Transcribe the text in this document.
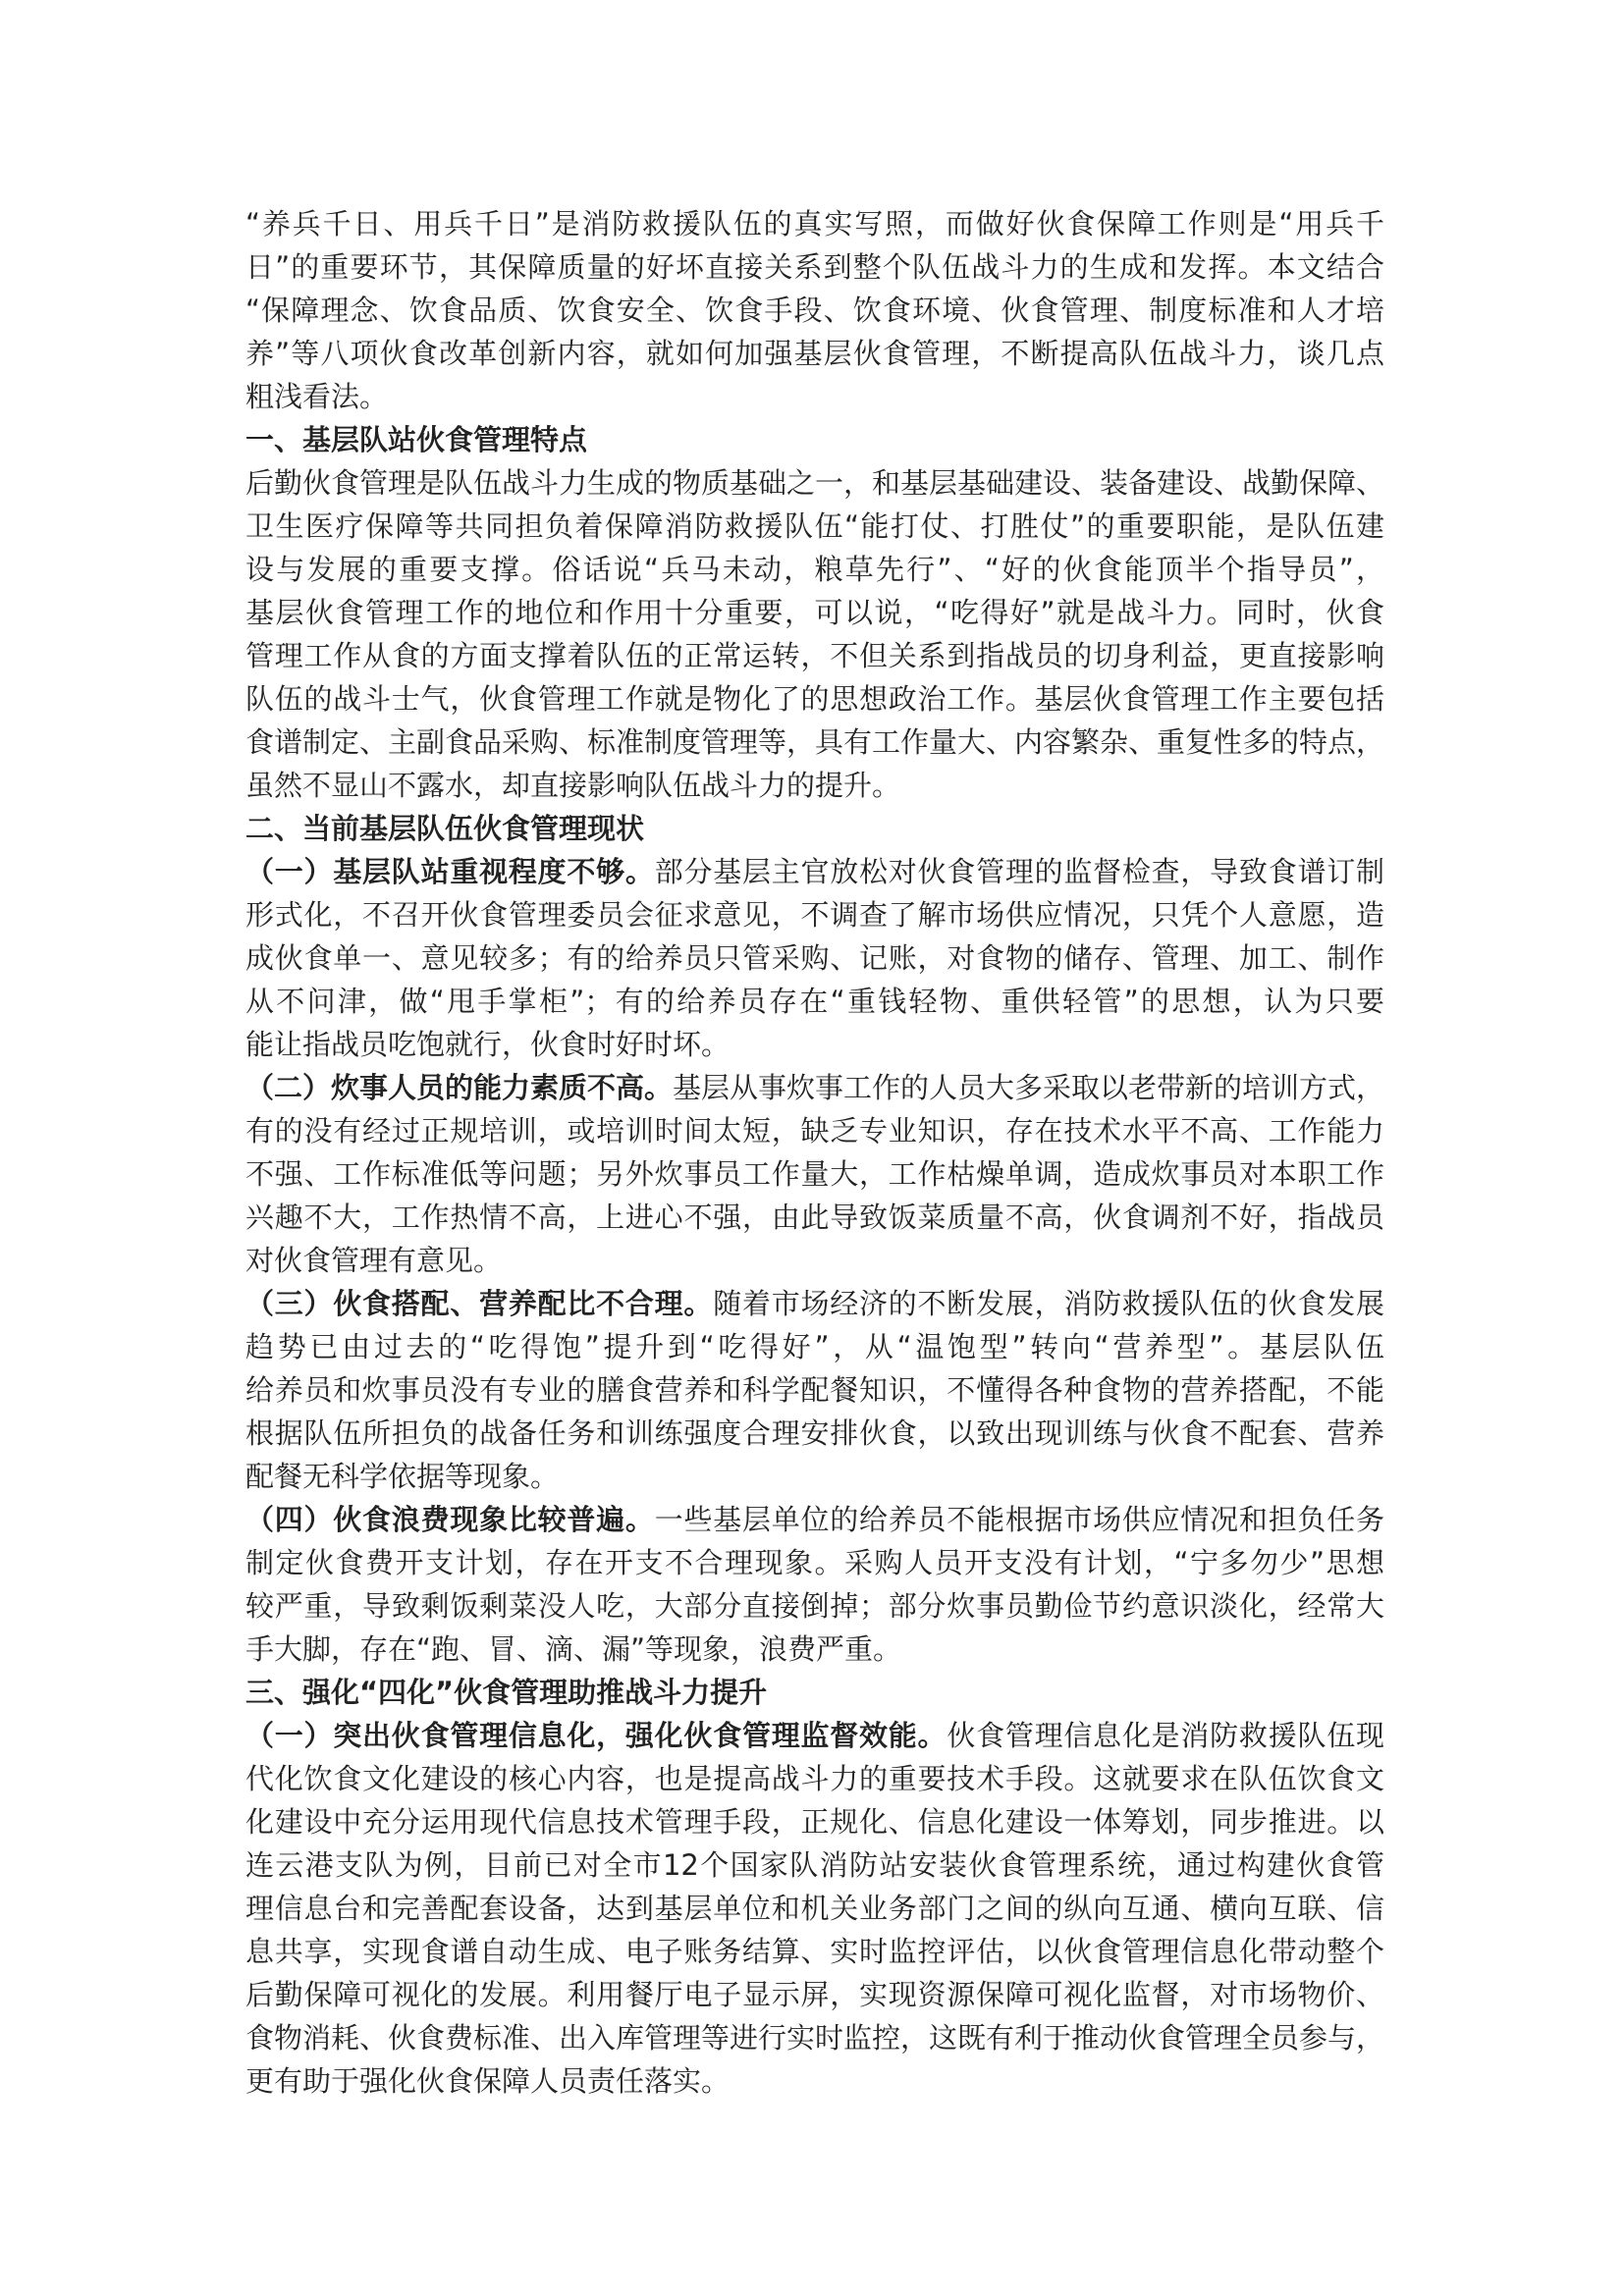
“养兵千日、用兵千日”是消防救援队伍的真实写照，而做好伙食保障工作则是“用兵千
日”的重要环节，其保障质量的好坏直接关系到整个队伍战斗力的生成和发挥。本文结合
“保障理念、饮食品质、饮食安全、饮食手段、饮食环境、伙食管理、制度标准和人才培
养”等八项伙食改革创新内容，就如何加强基层伙食管理，不断提高队伍战斗力，谈几点
粗浅看法。
一、基层队站伙食管理特点
后勤伙食管理是队伍战斗力生成的物质基础之一，和基层基础建设、装备建设、战勤保障、
卫生医疗保障等共同担负着保障消防救援队伍“能打仗、打胜仗”的重要职能，是队伍建
设与发展的重要支撑。俗话说“兵马未动，粮草先行”、“好的伙食能顶半个指导员”，
基层伙食管理工作的地位和作用十分重要，可以说，“吃得好”就是战斗力。同时，伙食
管理工作从食的方面支撑着队伍的正常运转，不但关系到指战员的切身利益，更直接影响
队伍的战斗士气，伙食管理工作就是物化了的思想政治工作。基层伙食管理工作主要包括
食谱制定、主副食品采购、标准制度管理等，具有工作量大、内容繁杂、重复性多的特点，
虽然不显山不露水，却直接影响队伍战斗力的提升。
二、当前基层队伍伙食管理现状
（一）基层队站重视程度不够。部分基层主官放松对伙食管理的监督检查，导致食谱订制
形式化，不召开伙食管理委员会征求意见，不调查了解市场供应情况，只凭个人意愿，造
成伙食单一、意见较多；有的给养员只管采购、记账，对食物的储存、管理、加工、制作
从不问津，做“甩手掌柜”；有的给养员存在“重钱轻物、重供轻管”的思想，认为只要
能让指战员吃饱就行，伙食时好时坏。
（二）炊事人员的能力素质不高。基层从事炊事工作的人员大多采取以老带新的培训方式，
有的没有经过正规培训，或培训时间太短，缺乏专业知识，存在技术水平不高、工作能力
不强、工作标准低等问题；另外炊事员工作量大，工作枯燥单调，造成炊事员对本职工作
兴趣不大，工作热情不高，上进心不强，由此导致饭菜质量不高，伙食调剂不好，指战员
对伙食管理有意见。
（三）伙食搭配、营养配比不合理。随着市场经济的不断发展，消防救援队伍的伙食发展
趋势已由过去的“吃得饱”提升到“吃得好”，从“温饱型”转向“营养型”。基层队伍
给养员和炊事员没有专业的膳食营养和科学配餐知识，不懂得各种食物的营养搭配，不能
根据队伍所担负的战备任务和训练强度合理安排伙食，以致出现训练与伙食不配套、营养
配餐无科学依据等现象。
（四）伙食浪费现象比较普遍。一些基层单位的给养员不能根据市场供应情况和担负任务
制定伙食费开支计划，存在开支不合理现象。采购人员开支没有计划，“宁多勿少”思想
较严重，导致剩饭剩菜没人吃，大部分直接倒掉；部分炊事员勤俭节约意识淡化，经常大
手大脚，存在“跑、冒、滴、漏”等现象，浪费严重。
三、强化“四化”伙食管理助推战斗力提升
（一）突出伙食管理信息化，强化伙食管理监督效能。伙食管理信息化是消防救援队伍现
代化饮食文化建设的核心内容，也是提高战斗力的重要技术手段。这就要求在队伍饮食文
化建设中充分运用现代信息技术管理手段，正规化、信息化建设一体筹划，同步推进。以
连云港支队为例，目前已对全市12个国家队消防站安装伙食管理系统，通过构建伙食管
理信息台和完善配套设备，达到基层单位和机关业务部门之间的纵向互通、横向互联、信
息共享，实现食谱自动生成、电子账务结算、实时监控评估，以伙食管理信息化带动整个
后勤保障可视化的发展。利用餐厅电子显示屏，实现资源保障可视化监督，对市场物价、
食物消耗、伙食费标准、出入库管理等进行实时监控，这既有利于推动伙食管理全员参与，
更有助于强化伙食保障人员责任落实。
